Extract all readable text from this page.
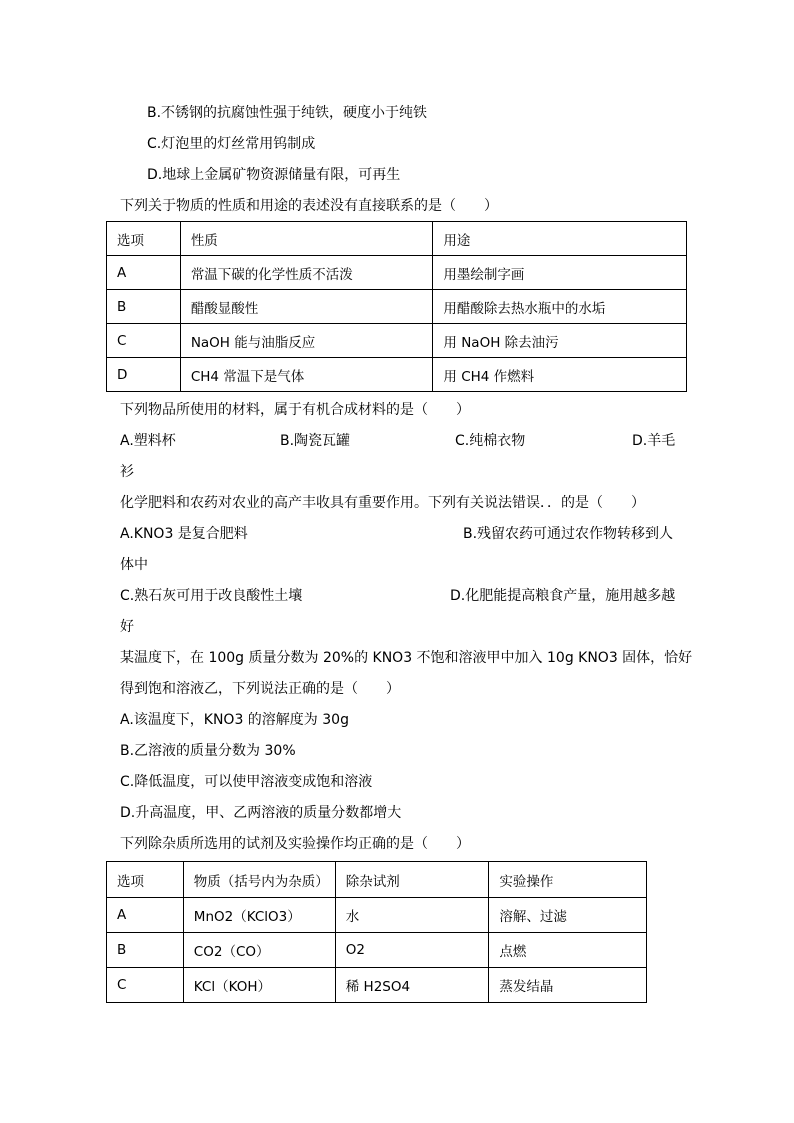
B.不锈钢的抗腐蚀性强于纯铁，硬度小于纯铁
C.灯泡里的灯丝常用钨制成
D.地球上金属矿物资源储量有限，可再生
下列关于物质的性质和用途的表述没有直接联系的是（　　）
选项	性质	用途
A	常温下碳的化学性质不活泼	用墨绘制字画
B	醋酸显酸性	用醋酸除去热水瓶中的水垢
C	NaOH 能与油脂反应	用 NaOH 除去油污
D	CH4 常温下是气体	用 CH4 作燃料
下列物品所使用的材料，属于有机合成材料的是（　　）
A.塑料杯	B.陶瓷瓦罐	C.纯棉衣物	D.羊毛
衫
化学肥料和农药对农业的高产丰收具有重要作用。下列有关说法错误．．的是（　　）
A.KNO3 是复合肥料	B.残留农药可通过农作物转移到人
体中
C.熟石灰可用于改良酸性土壤	D.化肥能提高粮食产量，施用越多越
好
某温度下，在 100g 质量分数为 20%的 KNO3 不饱和溶液甲中加入 10g KNO3 固体，恰好
得到饱和溶液乙，下列说法正确的是（　　）
A.该温度下，KNO3 的溶解度为 30g
B.乙溶液的质量分数为 30%
C.降低温度，可以使甲溶液变成饱和溶液
D.升高温度，甲、乙两溶液的质量分数都增大
下列除杂质所选用的试剂及实验操作均正确的是（　　）
选项	物质（括号内为杂质）	除杂试剂	实验操作
A	MnO2（KClO3）	水	溶解、过滤
B	CO2（CO）	O2	点燃
C	KCl（KOH）	稀 H2SO4	蒸发结晶
